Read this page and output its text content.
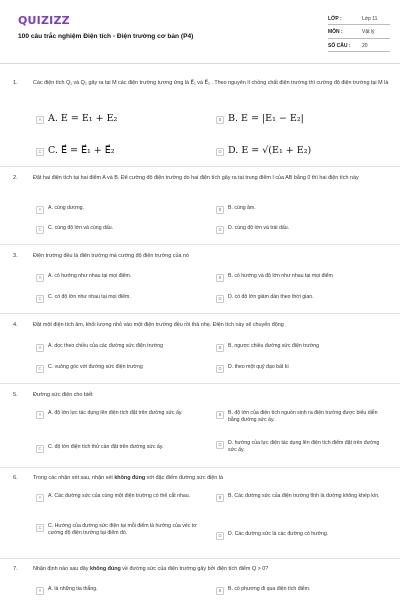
QUIZIZZ
100 câu trắc nghiệm Điện tích - Điện trường cơ bản (P4)
LỚP :	Lớp 11
MÔN :	Vật lý
SỐ CÂU :	20
1.	Các điện tích Q₁ và Q₂ gây ra tại M các điện trường tương ứng là E⃗₁ và E⃗₂ . Theo nguyên lí chồng chất điện trường thì cường độ điện trường tại M là
A A. E = E₁ + E₂	B B. E = |E₁ − E₂|
C C. E⃗ = E⃗₁ + E⃗₂	D D. E = √(E₁ + E₂)
2.	Đặt hai điện tích tại hai điểm A và B. Để cường độ điện trường do hai điện tích gây ra tại trung điểm I của AB bằng 0 thì hai điện tích này
A	A. cùng dương.	B	B. cùng âm.
C	C. cùng độ lớn và cùng dấu.	D	D. cùng độ lớn và trái dấu.
3.	Điện trường đều là điện trường mà cường độ điện trường của nó
A	A. có hướng như nhau tại mọi điểm.	B	B. có hướng và độ lớn như nhau tại mọi điểm
C	C. có độ lớn như nhau tại mọi điểm.	D	D. có độ lớn giảm dần theo thời gian.
4.	Đặt một điện tích âm, khối lượng nhỏ vào một điện trường đều rồi thả nhẹ. Điện tích này sẽ chuyển động
A	A. dọc theo chiều của các đường sức điện trường	B	B. ngược chiều đường sức điện trường
C	C. vuông góc với đường sức điện trường	D	D. theo một quỹ đạo bất kì
5.	Đường sức điện cho biết
A	A. độ lớn lực tác dụng lên điện tích đặt trên đường sức ấy.	B	B. độ lớn của điện tích nguồn sinh ra điện trường được biểu diễn bằng đường sức ấy.
C	C. độ lớn điện tích thử cần đặt trên đường sức ấy.	D	D. hướng của lực điện tác dụng lên điện tích điểm đặt trên đường sức ấy.
6.	Trong các nhận xét sau, nhận xét không đúng với đặc điểm đường sức điện là
A	A. Các đường sức của cùng một điện trường có thể cắt nhau.	B	B. Các đường sức của điện trường tĩnh là đường không khép kín.
C	C. Hướng của đường sức điện tại mỗi điểm là hướng của véc tơ cường độ điện trường tại điểm đó.	D	D. Các đường sức là các đường có hướng.
7.	Nhận định nào sau đây không đúng về đường sức của điện trường gây bởi điện tích điểm Q > 0?
A	A. là những tia thẳng.	B	B. có phương đi qua điện tích điểm.
